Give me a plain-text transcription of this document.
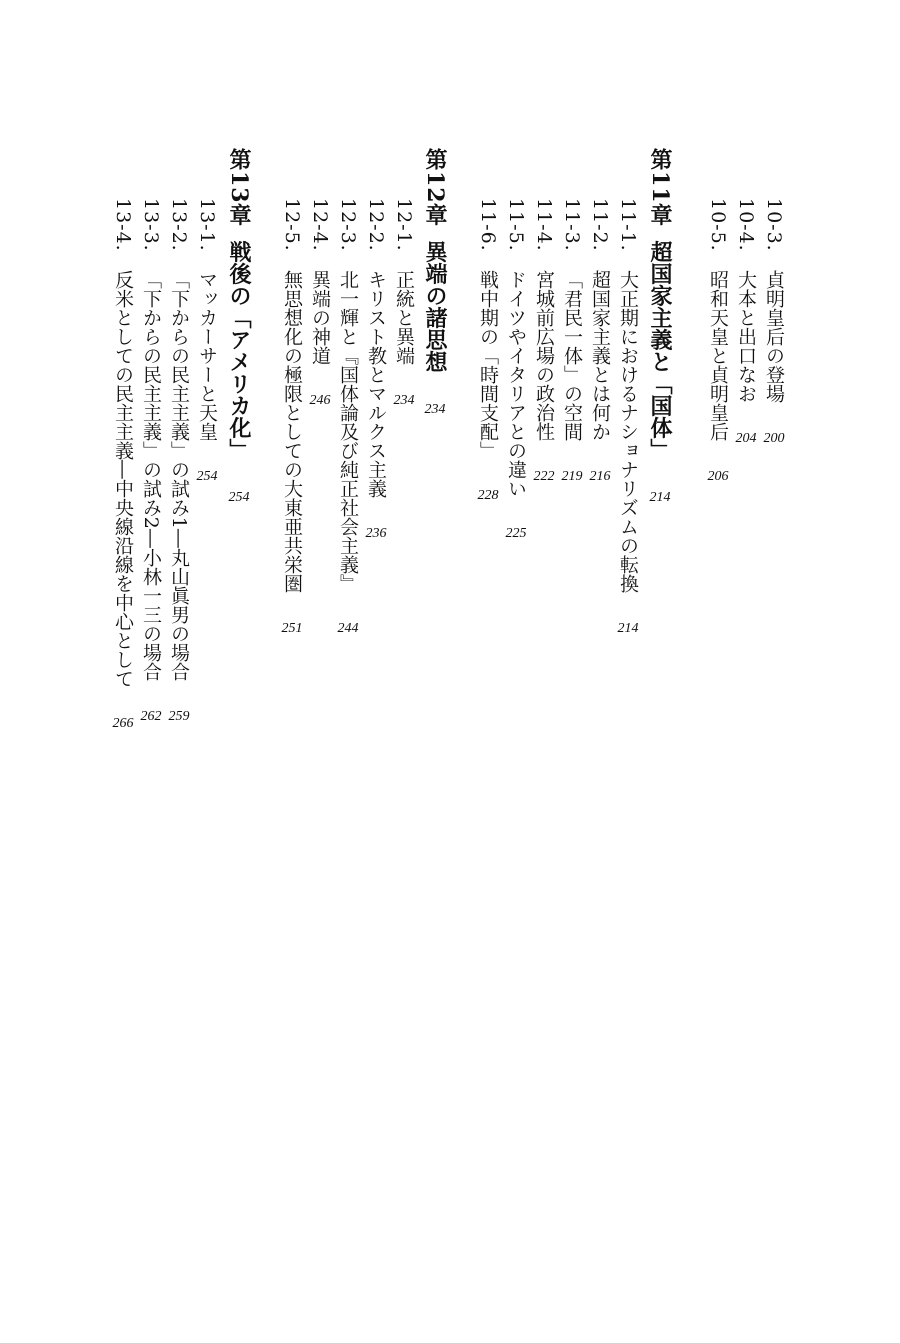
10-3.貞明皇后の登場200
10-4.大本と出口なお204
10-5.昭和天皇と貞明皇后206
第11章超国家主義と「国体」214
11-1.大正期におけるナショナリズムの転換214
11-2.超国家主義とは何か216
11-3.「君民一体」の空間219
11-4.宮城前広場の政治性222
11-5.ドイツやイタリアとの違い225
11-6.戦中期の「時間支配」228
第12章異端の諸思想234
12-1.正統と異端234
12-2.キリスト教とマルクス主義236
12-3.北一輝と『国体論及び純正社会主義』244
12-4.異端の神道246
12-5.無思想化の極限としての大東亜共栄圏251
第13章戦後の「アメリカ化」254
13-1.マッカーサーと天皇254
13-2.「下からの民主主義」の試み1―丸山眞男の場合259
13-3.「下からの民主主義」の試み2―小林一三の場合262
13-4.反米としての民主主義―中央線沿線を中心として266
